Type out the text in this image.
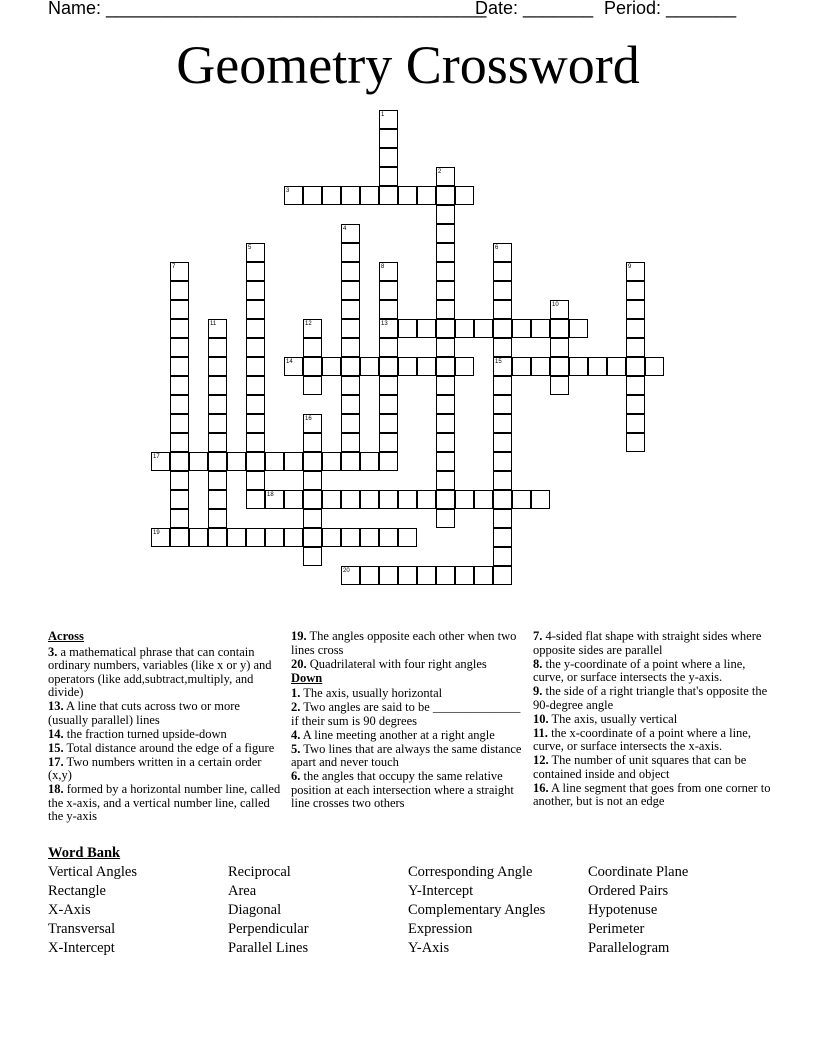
Name: ______________________________________
Date: _______ Period: _______
Geometry Crossword
1
2
3
4
5	6
7	8	9
10
11	12	13
14	15
16
17
18
19
20
Across
3. a mathematical phrase that can contain ordinary numbers, variables (like x or y) and operators (like add,subtract,multiply, and divide)
13. A line that cuts across two or more (usually parallel) lines
14. the fraction turned upside-down
15. Total distance around the edge of a figure
17. Two numbers written in a certain order (x,y)
18. formed by a horizontal number line, called the x-axis, and a vertical number line, called the y-axis
19. The angles opposite each other when two lines cross
20. Quadrilateral with four right angles
Down
1. The axis, usually horizontal
2. Two angles are said to be ______________ if their sum is 90 degrees
4. A line meeting another at a right angle
5. Two lines that are always the same distance apart and never touch
6. the angles that occupy the same relative position at each intersection where a straight line crosses two others
7. 4-sided flat shape with straight sides where opposite sides are parallel
8. the y-coordinate of a point where a line, curve, or surface intersects the y-axis.
9. the side of a right triangle that's opposite the 90-degree angle
10. The axis, usually vertical
11. the x-coordinate of a point where a line, curve, or surface intersects the x-axis.
12. The number of unit squares that can be contained inside and object
16. A line segment that goes from one corner to another, but is not an edge
Word Bank
Vertical Angles
Rectangle
X-Axis
Transversal
X-Intercept
Reciprocal
Area
Diagonal
Perpendicular
Parallel Lines
Corresponding Angle
Y-Intercept
Complementary Angles
Expression
Y-Axis
Coordinate Plane
Ordered Pairs
Hypotenuse
Perimeter
Parallelogram
